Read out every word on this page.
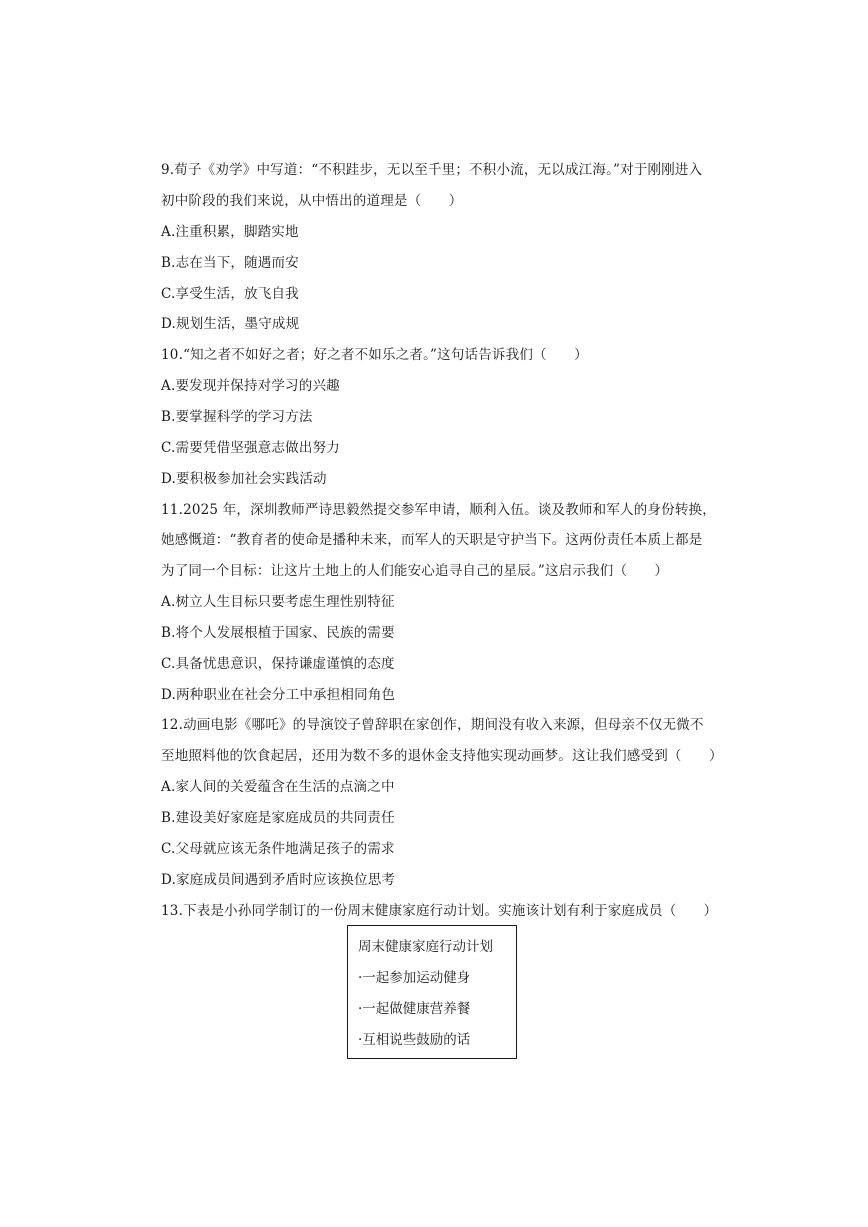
9.荀子《劝学》中写道：“不积跬步，无以至千里；不积小流，无以成江海。”对于刚刚进入
初中阶段的我们来说，从中悟出的道理是（　　）
A.注重积累，脚踏实地
B.志在当下，随遇而安
C.享受生活，放飞自我
D.规划生活，墨守成规
10.“知之者不如好之者；好之者不如乐之者。”这句话告诉我们（　　）
A.要发现并保持对学习的兴趣
B.要掌握科学的学习方法
C.需要凭借坚强意志做出努力
D.要积极参加社会实践活动
11.2025 年，深圳教师严诗思毅然提交参军申请，顺利入伍。谈及教师和军人的身份转换，
她感慨道：“教育者的使命是播种未来，而军人的天职是守护当下。这两份责任本质上都是
为了同一个目标：让这片土地上的人们能安心追寻自己的星辰。”这启示我们（　　）
A.树立人生目标只要考虑生理性别特征
B.将个人发展根植于国家、民族的需要
C.具备忧患意识，保持谦虚谨慎的态度
D.两种职业在社会分工中承担相同角色
12.动画电影《哪吒》的导演饺子曾辞职在家创作，期间没有收入来源，但母亲不仅无微不
至地照料他的饮食起居，还用为数不多的退休金支持他实现动画梦。这让我们感受到（　　）
A.家人间的关爱蕴含在生活的点滴之中
B.建设美好家庭是家庭成员的共同责任
C.父母就应该无条件地满足孩子的需求
D.家庭成员间遇到矛盾时应该换位思考
13.下表是小孙同学制订的一份周末健康家庭行动计划。实施该计划有利于家庭成员（　　）
周末健康家庭行动计划
·一起参加运动健身
·一起做健康营养餐
·互相说些鼓励的话
